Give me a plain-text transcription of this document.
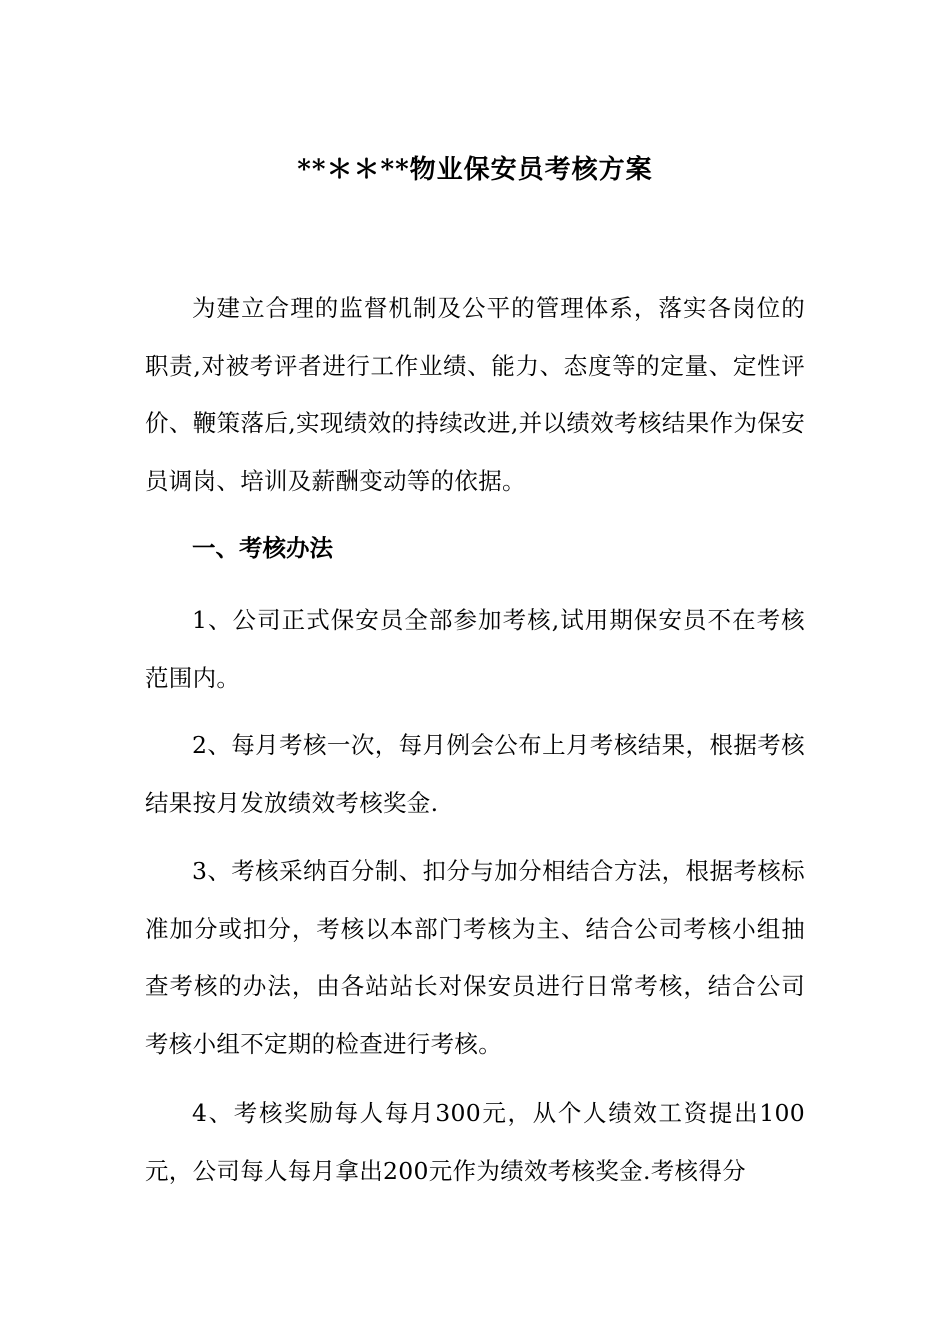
**＊＊**物业保安员考核方案

为建立合理的监督机制及公平的管理体系，落实各岗位的职责,对被考评者进行工作业绩、能力、态度等的定量、定性评价、鞭策落后,实现绩效的持续改进,并以绩效考核结果作为保安员调岗、培训及薪酬变动等的依据。

一、考核办法

1、公司正式保安员全部参加考核,试用期保安员不在考核范围内。

2、每月考核一次，每月例会公布上月考核结果，根据考核结果按月发放绩效考核奖金.

3、考核采纳百分制、扣分与加分相结合方法，根据考核标准加分或扣分，考核以本部门考核为主、结合公司考核小组抽查考核的办法，由各站站长对保安员进行日常考核，结合公司考核小组不定期的检查进行考核。

4、考核奖励每人每月300元，从个人绩效工资提出100元，公司每人每月拿出200元作为绩效考核奖金.考核得分
